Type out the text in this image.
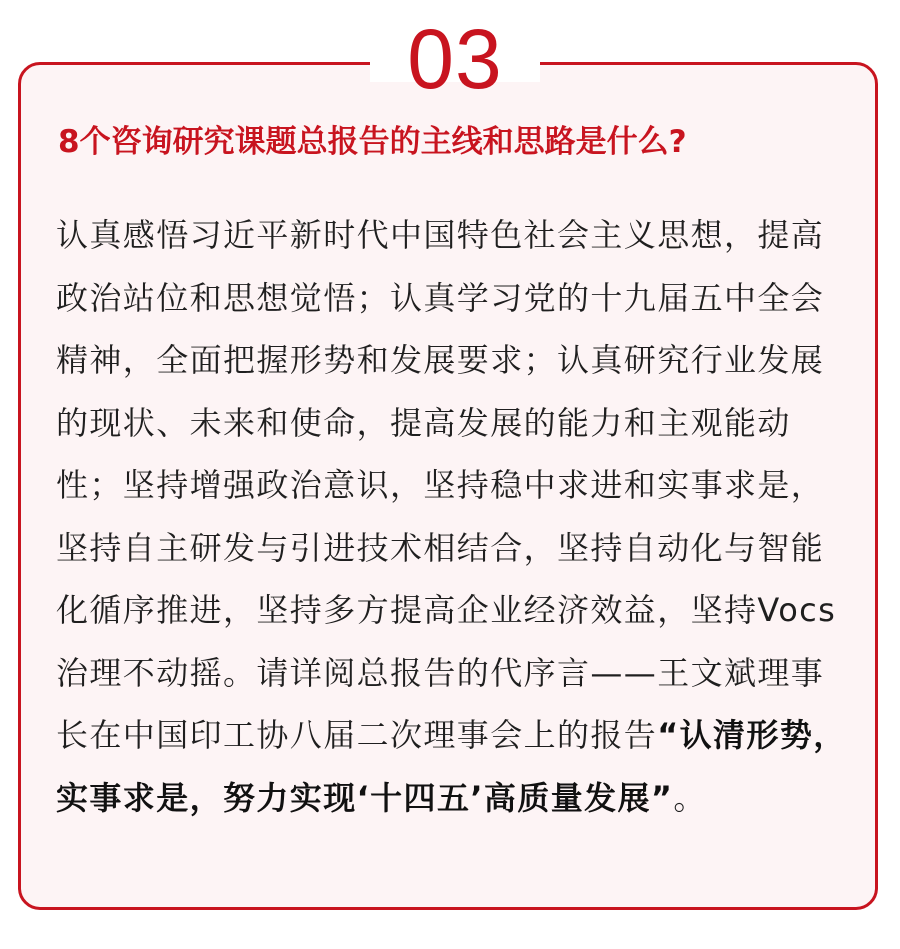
03
8个咨询研究课题总报告的主线和思路是什么?
认真感悟习近平新时代中国特色社会主义思想，提高政治站位和思想觉悟；认真学习党的十九届五中全会精神，全面把握形势和发展要求；认真研究行业发展的现状、未来和使命，提高发展的能力和主观能动性；坚持增强政治意识，坚持稳中求进和实事求是，坚持自主研发与引进技术相结合，坚持自动化与智能化循序推进，坚持多方提高企业经济效益，坚持Vocs治理不动摇。请详阅总报告的代序言——王文斌理事长在中国印工协八届二次理事会上的报告“认清形势，实事求是，努力实现‘十四五’高质量发展”。
